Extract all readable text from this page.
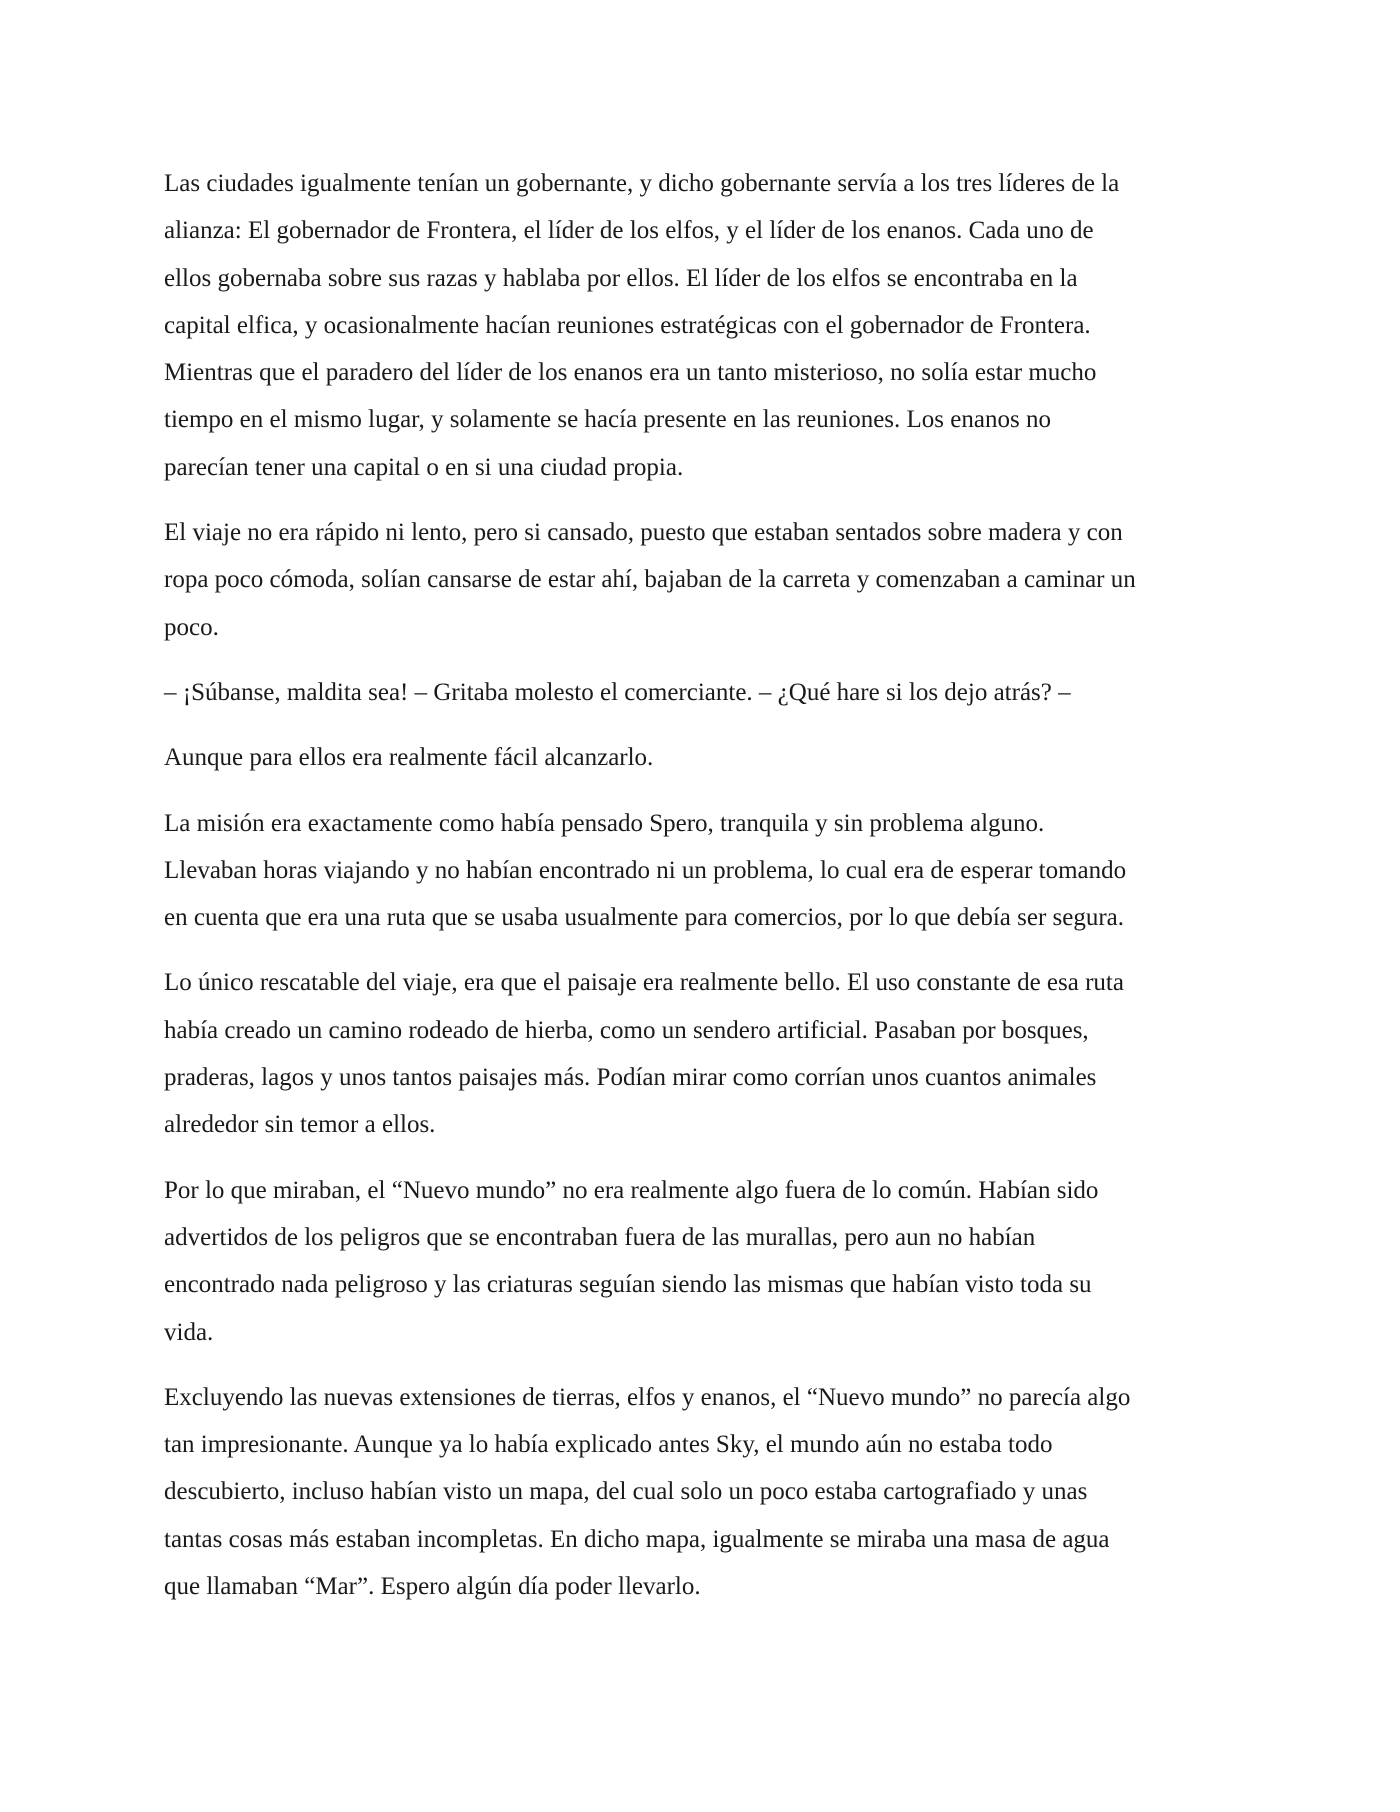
Las ciudades igualmente tenían un gobernante, y dicho gobernante servía a los tres líderes de la
alianza: El gobernador de Frontera, el líder de los elfos, y el líder de los enanos. Cada uno de
ellos gobernaba sobre sus razas y hablaba por ellos. El líder de los elfos se encontraba en la
capital elfica, y ocasionalmente hacían reuniones estratégicas con el gobernador de Frontera.
Mientras que el paradero del líder de los enanos era un tanto misterioso, no solía estar mucho
tiempo en el mismo lugar, y solamente se hacía presente en las reuniones. Los enanos no
parecían tener una capital o en si una ciudad propia.
El viaje no era rápido ni lento, pero si cansado, puesto que estaban sentados sobre madera y con
ropa poco cómoda, solían cansarse de estar ahí, bajaban de la carreta y comenzaban a caminar un
poco.
– ¡Súbanse, maldita sea! – Gritaba molesto el comerciante. – ¿Qué hare si los dejo atrás? –
Aunque para ellos era realmente fácil alcanzarlo.
La misión era exactamente como había pensado Spero, tranquila y sin problema alguno.
Llevaban horas viajando y no habían encontrado ni un problema, lo cual era de esperar tomando
en cuenta que era una ruta que se usaba usualmente para comercios, por lo que debía ser segura.
Lo único rescatable del viaje, era que el paisaje era realmente bello. El uso constante de esa ruta
había creado un camino rodeado de hierba, como un sendero artificial. Pasaban por bosques,
praderas, lagos y unos tantos paisajes más. Podían mirar como corrían unos cuantos animales
alrededor sin temor a ellos.
Por lo que miraban, el “Nuevo mundo” no era realmente algo fuera de lo común. Habían sido
advertidos de los peligros que se encontraban fuera de las murallas, pero aun no habían
encontrado nada peligroso y las criaturas seguían siendo las mismas que habían visto toda su
vida.
Excluyendo las nuevas extensiones de tierras, elfos y enanos, el “Nuevo mundo” no parecía algo
tan impresionante. Aunque ya lo había explicado antes Sky, el mundo aún no estaba todo
descubierto, incluso habían visto un mapa, del cual solo un poco estaba cartografiado y unas
tantas cosas más estaban incompletas. En dicho mapa, igualmente se miraba una masa de agua
que llamaban “Mar”. Espero algún día poder llevarlo.
